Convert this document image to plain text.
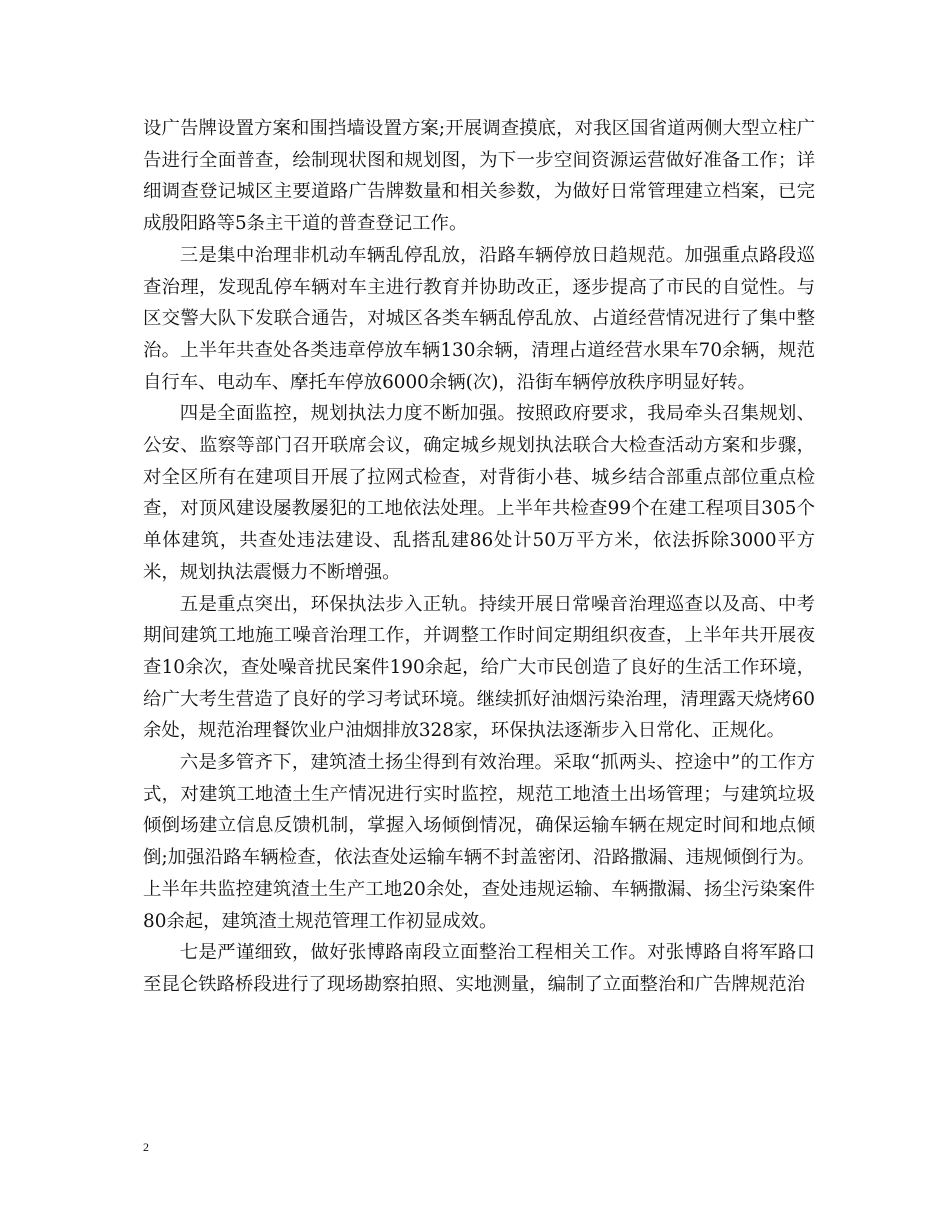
设广告牌设置方案和围挡墙设置方案;开展调查摸底，对我区国省道两侧大型立柱广告进行全面普查，绘制现状图和规划图，为下一步空间资源运营做好准备工作；详细调查登记城区主要道路广告牌数量和相关参数，为做好日常管理建立档案，已完成殷阳路等5条主干道的普查登记工作。

三是集中治理非机动车辆乱停乱放，沿路车辆停放日趋规范。加强重点路段巡查治理，发现乱停车辆对车主进行教育并协助改正，逐步提高了市民的自觉性。与区交警大队下发联合通告，对城区各类车辆乱停乱放、占道经营情况进行了集中整治。上半年共查处各类违章停放车辆130余辆，清理占道经营水果车70余辆，规范自行车、电动车、摩托车停放6000余辆(次)，沿街车辆停放秩序明显好转。

四是全面监控，规划执法力度不断加强。按照政府要求，我局牵头召集规划、公安、监察等部门召开联席会议，确定城乡规划执法联合大检查活动方案和步骤，对全区所有在建项目开展了拉网式检查，对背街小巷、城乡结合部重点部位重点检查，对顶风建设屡教屡犯的工地依法处理。上半年共检查99个在建工程项目305个单体建筑，共查处违法建设、乱搭乱建86处计50万平方米，依法拆除3000平方米，规划执法震慑力不断增强。

五是重点突出，环保执法步入正轨。持续开展日常噪音治理巡查以及高、中考期间建筑工地施工噪音治理工作，并调整工作时间定期组织夜查，上半年共开展夜查10余次，查处噪音扰民案件190余起，给广大市民创造了良好的生活工作环境，给广大考生营造了良好的学习考试环境。继续抓好油烟污染治理，清理露天烧烤60余处，规范治理餐饮业户油烟排放328家，环保执法逐渐步入日常化、正规化。

六是多管齐下，建筑渣土扬尘得到有效治理。采取“抓两头、控途中”的工作方式，对建筑工地渣土生产情况进行实时监控，规范工地渣土出场管理；与建筑垃圾倾倒场建立信息反馈机制，掌握入场倾倒情况，确保运输车辆在规定时间和地点倾倒;加强沿路车辆检查，依法查处运输车辆不封盖密闭、沿路撒漏、违规倾倒行为。上半年共监控建筑渣土生产工地20余处，查处违规运输、车辆撒漏、扬尘污染案件80余起，建筑渣土规范管理工作初显成效。

七是严谨细致，做好张博路南段立面整治工程相关工作。对张博路自将军路口至昆仑铁路桥段进行了现场勘察拍照、实地测量，编制了立面整治和广告牌规范治

2
